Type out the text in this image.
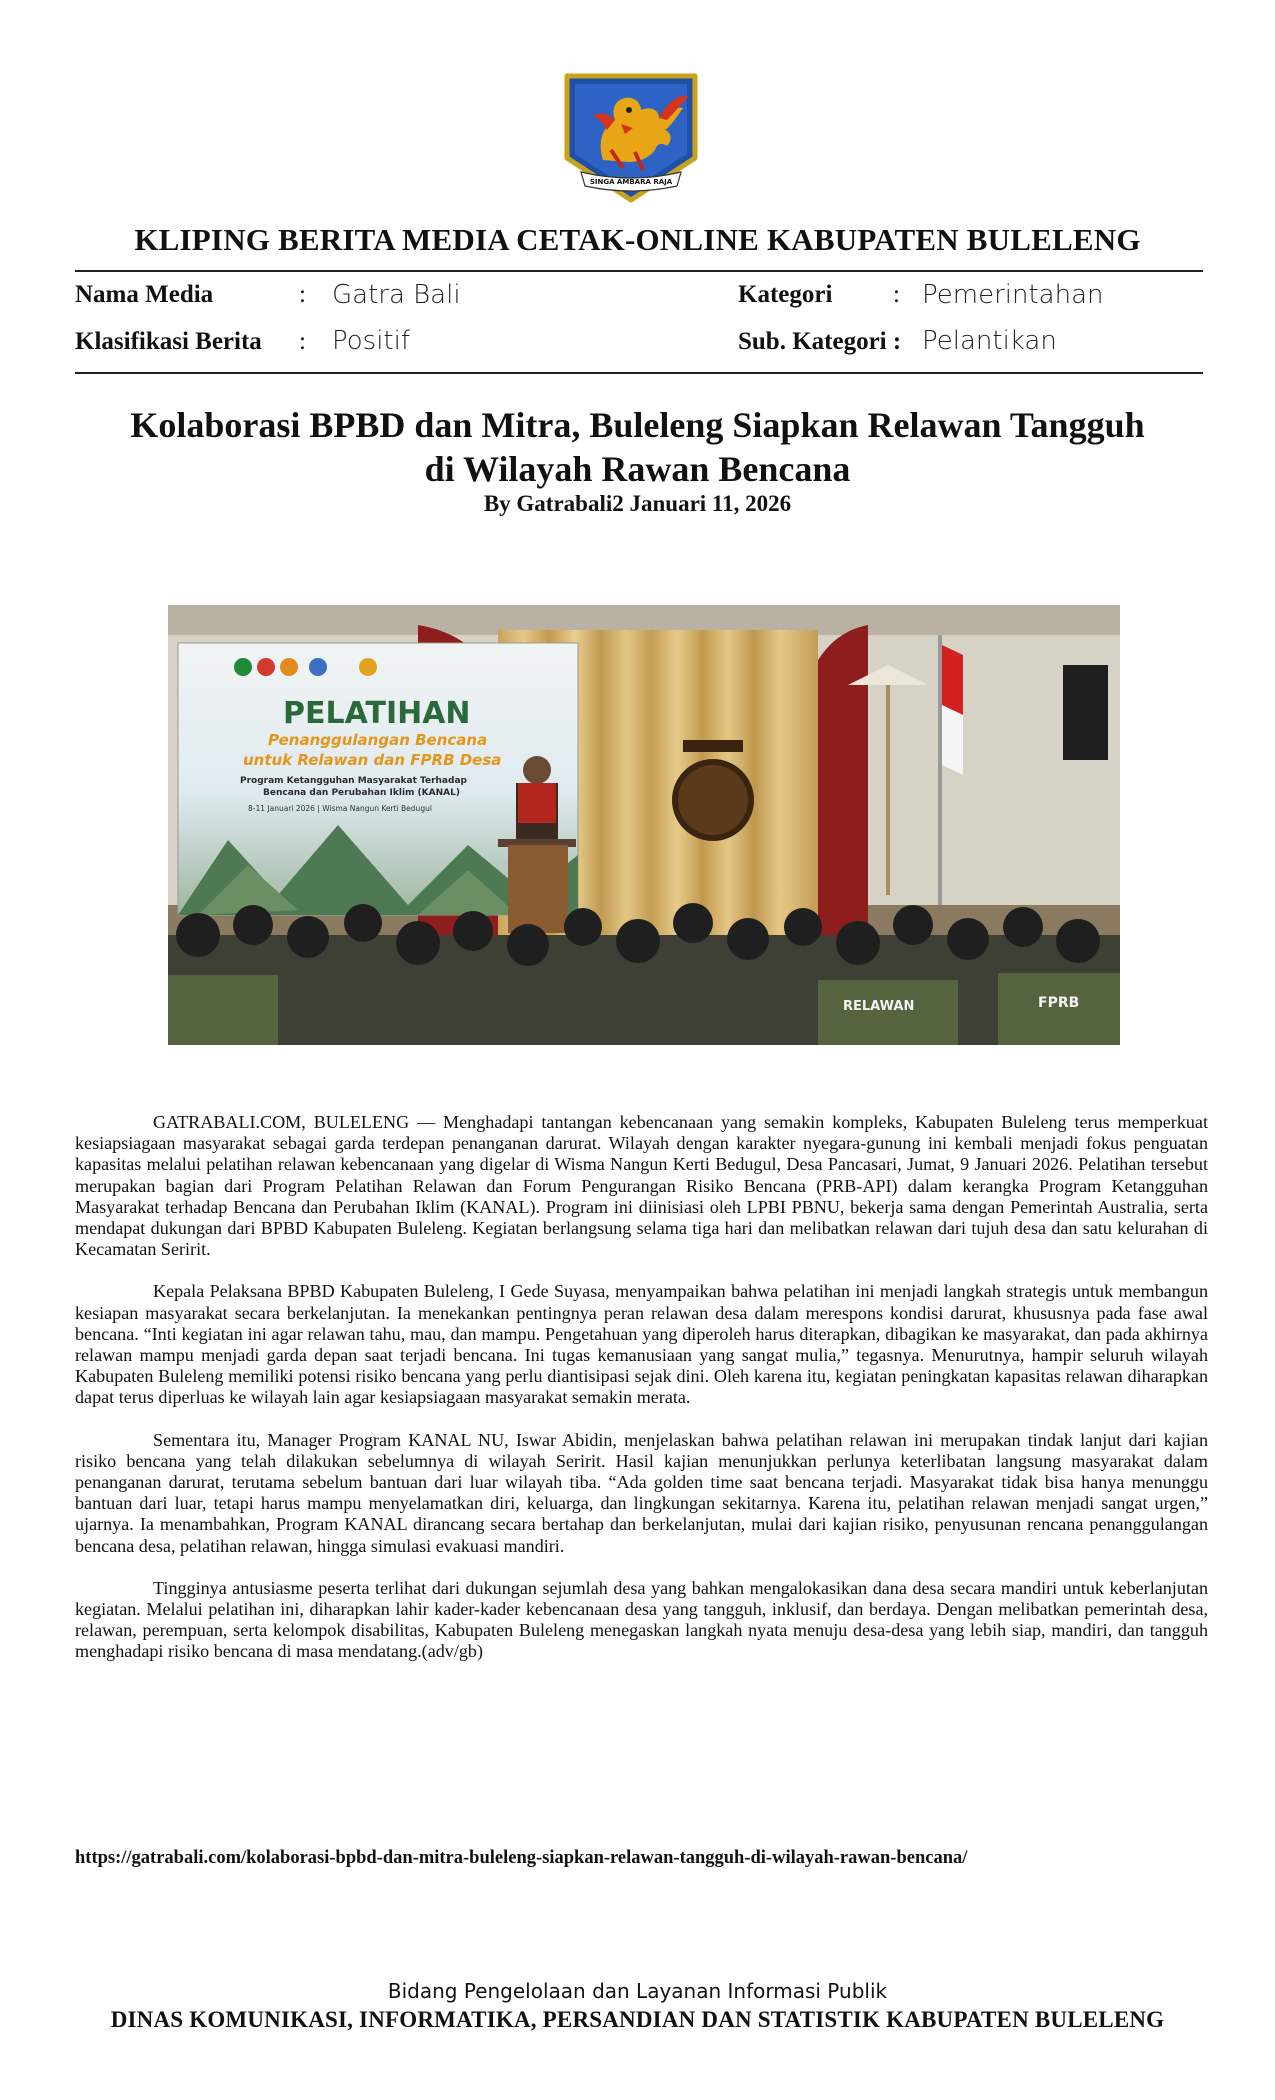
SINGA AMBARA RAJA
KLIPING BERITA MEDIA CETAK-ONLINE KABUPATEN BULELENG
Nama Media	: Gatra Bali	Kategori : Pemerintahan
Klasifikasi Berita : Positif	Sub. Kategori : Pelantikan
Kolaborasi BPBD dan Mitra, Buleleng Siapkan Relawan Tangguh
di Wilayah Rawan Bencana
By Gatrabali2 Januari 11, 2026
PELATIHAN
Penanggulangan Bencana
untuk Relawan dan FPRB Desa
Program Ketangguhan Masyarakat Terhadap
Bencana dan Perubahan Iklim (KANAL)
8-11 Januari 2026 | Wisma Nangun Kerti Bedugul
RELAWAN	FPRB

GATRABALI.COM, BULELENG — Menghadapi tantangan kebencanaan yang semakin kompleks, Kabupaten Buleleng terus memperkuat kesiapsiagaan masyarakat sebagai garda terdepan penanganan darurat. Wilayah dengan karakter nyegara-gunung ini kembali menjadi fokus penguatan kapasitas melalui pelatihan relawan kebencanaan yang digelar di Wisma Nangun Kerti Bedugul, Desa Pancasari, Jumat, 9 Januari 2026. Pelatihan tersebut merupakan bagian dari Program Pelatihan Relawan dan Forum Pengurangan Risiko Bencana (PRB-API) dalam kerangka Program Ketangguhan Masyarakat terhadap Bencana dan Perubahan Iklim (KANAL). Program ini diinisiasi oleh LPBI PBNU, bekerja sama dengan Pemerintah Australia, serta mendapat dukungan dari BPBD Kabupaten Buleleng. Kegiatan berlangsung selama tiga hari dan melibatkan relawan dari tujuh desa dan satu kelurahan di Kecamatan Seririt.

Kepala Pelaksana BPBD Kabupaten Buleleng, I Gede Suyasa, menyampaikan bahwa pelatihan ini menjadi langkah strategis untuk membangun kesiapan masyarakat secara berkelanjutan. Ia menekankan pentingnya peran relawan desa dalam merespons kondisi darurat, khususnya pada fase awal bencana. “Inti kegiatan ini agar relawan tahu, mau, dan mampu. Pengetahuan yang diperoleh harus diterapkan, dibagikan ke masyarakat, dan pada akhirnya relawan mampu menjadi garda depan saat terjadi bencana. Ini tugas kemanusiaan yang sangat mulia,” tegasnya. Menurutnya, hampir seluruh wilayah Kabupaten Buleleng memiliki potensi risiko bencana yang perlu diantisipasi sejak dini. Oleh karena itu, kegiatan peningkatan kapasitas relawan diharapkan dapat terus diperluas ke wilayah lain agar kesiapsiagaan masyarakat semakin merata.

Sementara itu, Manager Program KANAL NU, Iswar Abidin, menjelaskan bahwa pelatihan relawan ini merupakan tindak lanjut dari kajian risiko bencana yang telah dilakukan sebelumnya di wilayah Seririt. Hasil kajian menunjukkan perlunya keterlibatan langsung masyarakat dalam penanganan darurat, terutama sebelum bantuan dari luar wilayah tiba. “Ada golden time saat bencana terjadi. Masyarakat tidak bisa hanya menunggu bantuan dari luar, tetapi harus mampu menyelamatkan diri, keluarga, dan lingkungan sekitarnya. Karena itu, pelatihan relawan menjadi sangat urgen,” ujarnya. Ia menambahkan, Program KANAL dirancang secara bertahap dan berkelanjutan, mulai dari kajian risiko, penyusunan rencana penanggulangan bencana desa, pelatihan relawan, hingga simulasi evakuasi mandiri.

Tingginya antusiasme peserta terlihat dari dukungan sejumlah desa yang bahkan mengalokasikan dana desa secara mandiri untuk keberlanjutan kegiatan. Melalui pelatihan ini, diharapkan lahir kader-kader kebencanaan desa yang tangguh, inklusif, dan berdaya. Dengan melibatkan pemerintah desa, relawan, perempuan, serta kelompok disabilitas, Kabupaten Buleleng menegaskan langkah nyata menuju desa-desa yang lebih siap, mandiri, dan tangguh menghadapi risiko bencana di masa mendatang.(adv/gb)

https://gatrabali.com/kolaborasi-bpbd-dan-mitra-buleleng-siapkan-relawan-tangguh-di-wilayah-rawan-bencana/
Bidang Pengelolaan dan Layanan Informasi Publik
DINAS KOMUNIKASI, INFORMATIKA, PERSANDIAN DAN STATISTIK KABUPATEN BULELENG
